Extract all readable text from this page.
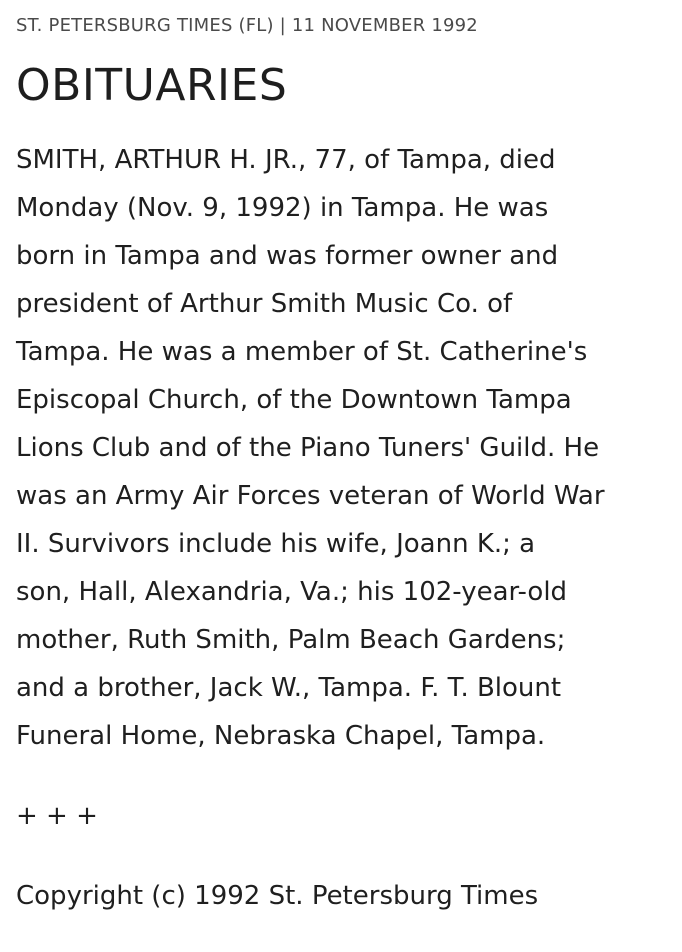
ST. PETERSBURG TIMES (FL) | 11 NOVEMBER 1992
OBITUARIES
SMITH, ARTHUR H. JR., 77, of Tampa, died
Monday (Nov. 9, 1992) in Tampa. He was
born in Tampa and was former owner and
president of Arthur Smith Music Co. of
Tampa. He was a member of St. Catherine's
Episcopal Church, of the Downtown Tampa
Lions Club and of the Piano Tuners' Guild. He
was an Army Air Forces veteran of World War
II. Survivors include his wife, Joann K.; a
son, Hall, Alexandria, Va.; his 102-year-old
mother, Ruth Smith, Palm Beach Gardens;
and a brother, Jack W., Tampa. F. T. Blount
Funeral Home, Nebraska Chapel, Tampa.
+ + +
Copyright (c) 1992 St. Petersburg Times
